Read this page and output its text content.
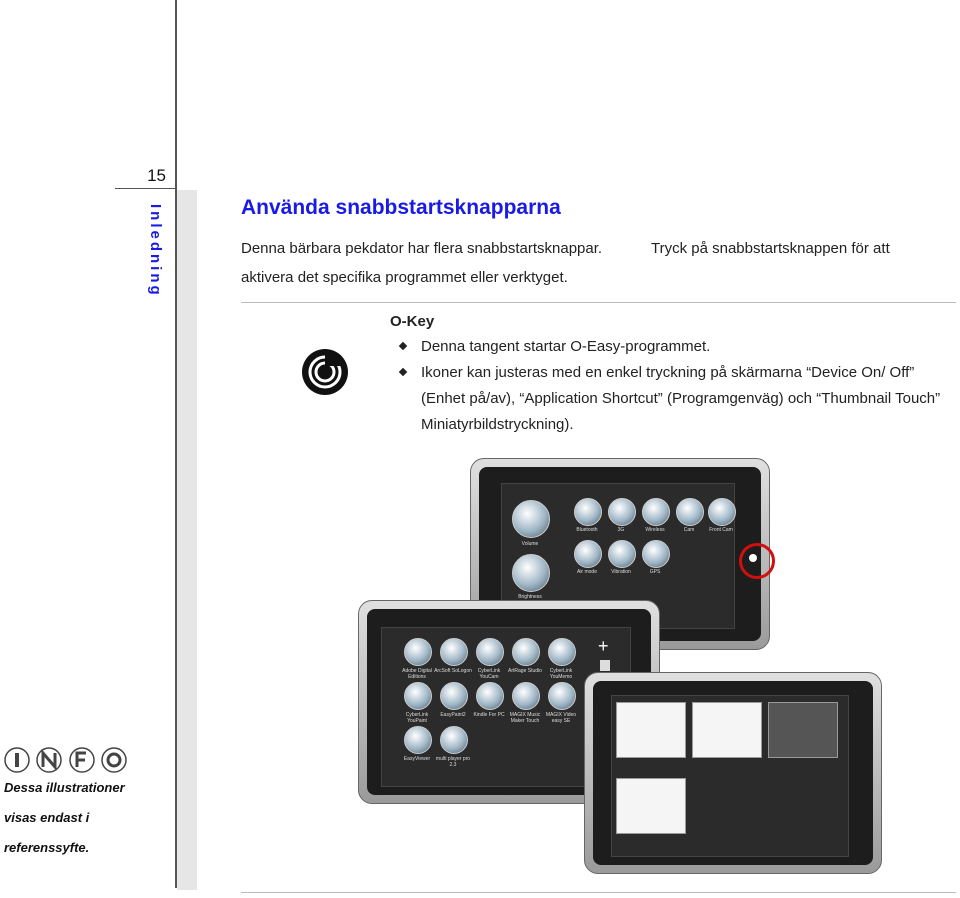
15
Inledning	Använda snabbstartsknapparna
Denna bärbara pekdator har flera snabbstartsknappar.	Tryck på snabbstartsknappen för att
aktivera det specifika programmet eller verktyget.
O-Key
Denna tangent startar O-Easy-programmet.
Ikoner kan justeras med en enkel tryckning på skärmarna “Device On/ Off” (Enhet på/av), “Application Shortcut” (Programgenväg) och “Thumbnail Touch” Miniatyrbildstryckning).
Volume
Brightness
Bluetooth	3G	Wireless	Cam	Front Cam
Air mode	Vibration	GPS
Adobe Digital Editions
ArcSoft SoLogon	CyberLink YouCam
ArtRage Studio	CyberLink YouMemo
CyberLink YouPaint
EasyPaint2	Kindle For PC	MAGIX Music Maker Touch
MAGIX Video easy SE
EasyViewer	multi player pro 2.3
+
Dessa illustrationer
visas endast i
referenssyfte.
